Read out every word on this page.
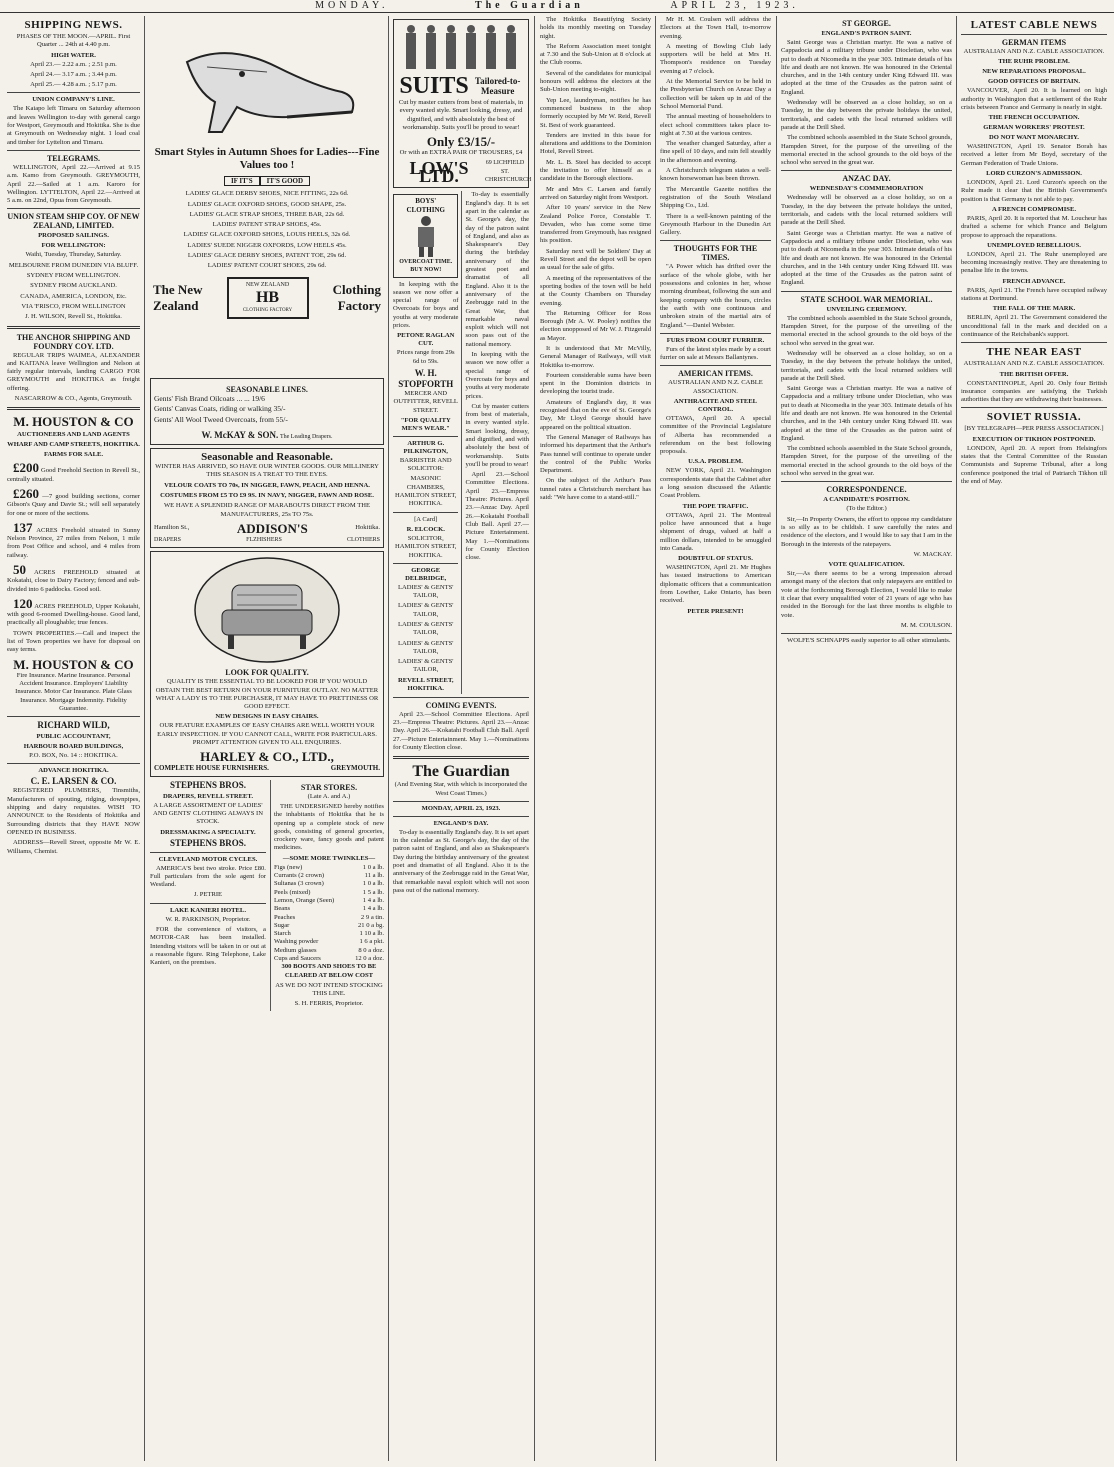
MONDAY.	The Guardian	APRIL 23, 1923.
SHIPPING NEWS.

PHASES OF THE MOON.—APRIL. First Quarter ... 24th at 4.40 p.m.

HIGH WATER.

April 23.— 2.22 a.m. ; 2.51 p.m.

April 24.— 3.17 a.m. ; 3.44 p.m.

April 25.— 4.28 a.m. ; 5.17 p.m.

UNION COMPANY'S LINE.

The Kaiapo left Timaru on Saturday afternoon and leaves Wellington to-day with general cargo for Westport, Greymouth and Hokitika. She is due at Greymouth on Wednesday night. 1 load coal and timber for Lyttelton and Timaru.

TELEGRAMS.

WELLINGTON, April 22.—Arrived at 9.15 a.m. Kamo from Greymouth. GREYMOUTH, April 22.—Sailed at 1 a.m. Karoro for Wellington. LYTTELTON, April 22.—Arrived at 5 a.m. on 22nd, Opua from Greymouth.

UNION STEAM SHIP COY. OF NEW ZEALAND, LIMITED.
PROPOSED SAILINGS.
FOR WELLINGTON:

Waihi, Tuesday, Thursday, Saturday.

MELBOURNE FROM DUNEDIN VIA BLUFF.

SYDNEY FROM WELLINGTON.

SYDNEY FROM AUCKLAND.

CANADA, AMERICA, LONDON, Etc.

VIA 'FRISCO, FROM WELLINGTON

J. H. WILSON, Revell St., Hokitika.

THE ANCHOR SHIPPING AND FOUNDRY COY. LTD.

REGULAR TRIPS WAIMEA, ALEXANDER and KAITANA leave Wellington and Nelson at fairly regular intervals, landing CARGO FOR GREYMOUTH and HOKITIKA as freight offering.

NASCARROW & CO., Agents, Greymouth.

M. HOUSTON & CO
AUCTIONEERS AND LAND AGENTS
WHARF AND CAMP STREETS, HOKITIKA.
FARMS FOR SALE.

£200 Good Freehold Section in Revell St., centrally situated.

£260 —7 good building sections, corner Gibson's Quay and Davie St.; will sell separately for one or more of the sections.

137 ACRES Freehold situated in Sunny Nelson Province, 27 miles from Nelson, 1 mile from Post Office and school, and 4 miles from railway.

50 ACRES FREEHOLD situated at Kokatahi, close to Dairy Factory; fenced and sub-divided into 6 paddocks. Good soil.

120 ACRES FREEHOLD, Upper Kokatahi, with good 6-roomed Dwelling-house. Good land, practically all ploughable; true fences.

TOWN PROPERTIES.—Call and inspect the list of Town properties we have for disposal on easy terms.

M. HOUSTON & CO

Fire Insurance. Marine Insurance. Personal Accident Insurance. Employers' Liability Insurance. Motor Car Insurance. Plate Glass Insurance. Mortgage Indemnity. Fidelity Guarantee.

RICHARD WILD,
PUBLIC ACCOUNTANT,
HARBOUR BOARD BUILDINGS,

P.O. BOX, No. 14 :: HOKITIKA.

ADVANCE HOKITIKA.
C. E. LARSEN & CO.

REGISTERED PLUMBERS, Tinsmiths, Manufacturers of spouting, ridging, downpipes, shipping and dairy requisites. WISH TO ANNOUNCE to the Residents of Hokitika and Surrounding districts that they HAVE NOW OPENED IN BUSINESS.

ADDRESS—Revell Street, opposite Mr W. E. Williams, Chemist.

Smart Styles in Autumn Shoes for Ladies---Fine Values too !
IF IT'S	IT'S GOOD

LADIES' GLACE DERBY SHOES, NICE FITTING, 22s 6d.

LADIES' GLACE OXFORD SHOES, GOOD SHAPE, 25s.

LADIES' GLACE STRAP SHOES, THREE BAR, 22s 6d.

LADIES' PATENT STRAP SHOES, 45s.

LADIES' GLACE OXFORD SHOES, LOUIS HEELS, 32s 6d.

LADIES' SUEDE NIGGER OXFORDS, LOW HEELS 45s.

LADIES' GLACE DERBY SHOES, PATENT TOE, 29s 6d.

LADIES' PATENT COURT SHOES, 29s 6d.

The New
Zealand
NEW ZEALAND
HB
CLOTHING FACTORY
Clothing
Factory
SEASONABLE LINES.

Gents' Fish Brand Oilcoats ... ... 19/6

Gents' Canvas Coats, riding or walking 35/-

Gents' All Wool Tweed Overcoats, from 55/-

W. McKAY & SON. The Leading Drapers.
Seasonable and Reasonable.

WINTER HAS ARRIVED, SO HAVE OUR WINTER GOODS. OUR MILLINERY THIS SEASON IS A TREAT TO THE EYES.

VELOUR COATS TO 70s, IN NIGGER, FAWN, PEACH, AND HENNA.

COSTUMES FROM £5 TO £9 9S. IN NAVY, NIGGER, FAWN AND ROSE.

WE HAVE A SPLENDID RANGE OF MARABOUTS DIRECT FROM THE MANUFACTURERS, 25s TO 75s.

Hamilton St.,	ADDISON'S	Hokitika.
DRAPERS	FLZHISHERS	CLOTHIERS
LOOK FOR QUALITY.

QUALITY IS THE ESSENTIAL TO BE LOOKED FOR IF YOU WOULD OBTAIN THE BEST RETURN ON YOUR FURNITURE OUTLAY. NO MATTER WHAT A LADY IS TO THE PURCHASER, IT MAY HAVE TO PRETTINESS OR GOOD EFFECT.

NEW DESIGNS IN EASY CHAIRS.

OUR FEATURE EXAMPLES OF EASY CHAIRS ARE WELL WORTH YOUR EARLY INSPECTION. IF YOU CANNOT CALL, WRITE FOR PARTICULARS. PROMPT ATTENTION GIVEN TO ALL ENQUIRIES.

HARLEY & CO., LTD.,
COMPLETE HOUSE FURNISHERS.	GREYMOUTH.
STEPHENS BROS.
DRAPERS, REVELL STREET.

A LARGE ASSORTMENT OF LADIES' AND GENTS' CLOTHING ALWAYS IN STOCK.

DRESSMAKING A SPECIALTY.
STEPHENS BROS.
CLEVELAND MOTOR CYCLES.

AMERICA'S best two stroke. Price £80. Full particulars from the sole agent for Westland.

J. PETRIE

LAKE KANIERI HOTEL.

W. R. PARKINSON, Proprietor.

FOR the convenience of visitors, a MOTOR-CAR has been installed. Intending visitors will be taken in or out at a reasonable figure. Ring Telephone, Lake Kanieri, on the premises.

STAR STORES.

(Late A. and A.)

THE UNDERSIGNED hereby notifies the inhabitants of Hokitika that he is opening up a complete stock of new goods, consisting of general groceries, crockery ware, fancy goods and patent medicines.

—SOME MORE TWINKLES—
Figs (new)	1 0 a lb.
Currants (2 crown)	11 a lb.
Sultanas (3 crown)	1 0 a lb.
Peels (mixed)	1 5 a lb.
Lemon, Orange (Seen)	1 4 a lb.
Beans	1 4 a lb.
Peaches	2 9 a tin.
Sugar	21 0 a bg.
Starch	1 10 a lb.
Washing powder	1 6 a pkt.
Medium glasses	8 0 a doz.
Cups and Saucers	12 0 a doz.

300 BOOTS AND SHOES TO BE CLEARED AT BELOW COST

AS WE DO NOT INTEND STOCKING THIS LINE.

S. H. FERRIS, Proprietor.

SUITS Tailored-to-Measure

Cut by master cutters from best of materials, in every wanted style. Smart looking, dressy, and dignified, and with absolutely the best of workmanship. Suits you'll be proud to wear!

Only £3/15/-

Or with an EXTRA PAIR OF TROUSERS, £4

LOW'S LTD.
69 LICHFIELD ST. CHRISTCHURCH
BOYS' CLOTHING
OVERCOAT TIME. BUY NOW!

In keeping with the season we now offer a special range of Overcoats for boys and youths at very moderate prices.

PETONE RAGLAN CUT.

Prices range from 29s 6d to 59s.

W. H. STOPFORTH

MERCER AND OUTFITTER, REVELL STREET.

"FOR QUALITY MEN'S WEAR."
ARTHUR G. PILKINGTON,

BARRISTER AND SOLICITOR:

MASONIC CHAMBERS, HAMILTON STREET, HOKITIKA.

[A Card]

R. ELCOCK.

SOLICITOR, HAMILTON STREET, HOKITIKA.

GEORGE DELBRIDGE,

LADIES' & GENTS' TAILOR,

LADIES' & GENTS' TAILOR,

LADIES' & GENTS' TAILOR,

LADIES' & GENTS' TAILOR,

LADIES' & GENTS' TAILOR,

REVELL STREET, HOKITIKA.

To-day is essentially England's day. It is set apart in the calendar as St. George's day, the day of the patron saint of England, and also as Shakespeare's Day during the birthday anniversary of the greatest poet and dramatist of all England. Also it is the anniversary of the Zeebrugge raid in the Great War, that remarkable naval exploit which will not soon pass out of the national memory.

In keeping with the season we now offer a special range of Overcoats for boys and youths at very moderate prices.

Cut by master cutters from best of materials, in every wanted style. Smart looking, dressy, and dignified, and with absolutely the best of workmanship. Suits you'll be proud to wear!

April 23.—School Committee Elections. April 23.—Empress Theatre: Pictures. April 23.—Anzac Day. April 26.—Kokatahi Football Club Ball. April 27.—Picture Entertainment. May 1.—Nominations for County Election close.

COMING EVENTS.

April 23.—School Committee Elections. April 23.—Empress Theatre: Pictures. April 23.—Anzac Day. April 26.—Kokatahi Football Club Ball. April 27.—Picture Entertainment. May 1.—Nominations for County Election close.

The Guardian

(And Evening Star, with which is incorporated the West Coast Times.)

MONDAY, APRIL 23, 1923.
ENGLAND'S DAY.

To-day is essentially England's day. It is set apart in the calendar as St. George's day, the day of the patron saint of England, and also as Shakespeare's Day during the birthday anniversary of the greatest poet and dramatist of all England. Also it is the anniversary of the Zeebrugge raid in the Great War, that remarkable naval exploit which will not soon pass out of the national memory.

The Hokitika Beautifying Society holds its monthly meeting on Tuesday night.

The Reform Association meet tonight at 7.30 and the Sub-Union at 8 o'clock at the Club rooms.

Several of the candidates for municipal honours will address the electors at the Sub-Union meeting to-night.

Yep Lee, laundryman, notifies he has commenced business in the shop formerly occupied by Mr W. Reid, Revell St. Best of work guaranteed.

Tenders are invited in this issue for alterations and additions to the Dominion Hotel, Revell Street.

Mr. L. B. Steel has decided to accept the invitation to offer himself as a candidate in the Borough elections.

Mr and Mrs C. Larsen and family arrived on Saturday night from Westport.

After 10 years' service in the New Zealand Police Force, Constable T. Devaden, who has come some time transferred from Greymouth, has resigned his position.

Saturday next will be Soldiers' Day at Revell Street and the depot will be open as usual for the sale of gifts.

A meeting of the representatives of the sporting bodies of the town will be held at the County Chambers on Thursday evening.

The Returning Officer for Ross Borough (Mr A. W. Pooley) notifies the election unopposed of Mr W. J. Fitzgerald as Mayor.

It is understood that Mr McVilly, General Manager of Railways, will visit Hokitika to-morrow.

Fourteen considerable sums have been spent in the Dominion districts in developing the tourist trade.

Amateurs of England's day, it was recognised that on the eve of St. George's Day, Mr Lloyd George should have appeared on the political situation.

The General Manager of Railways has informed his department that the Arthur's Pass tunnel will continue to operate under the control of the Public Works Department.

On the subject of the Arthur's Pass tunnel rates a Christchurch merchant has said: "We have come to a stand-still."

Mr H. M. Coulsen will address the Electors at the Town Hall, to-morrow evening.

A meeting of Bowling Club lady supporters will be held at Mrs H. Thompson's residence on Tuesday evening at 7 o'clock.

At the Memorial Service to be held in the Presbyterian Church on Anzac Day a collection will be taken up in aid of the School Memorial Fund.

The annual meeting of householders to elect school committees takes place to-night at 7.30 at the various centres.

The weather changed Saturday, after a fine spell of 10 days, and rain fell steadily in the afternoon and evening.

A Christchurch telegram states a well-known horsewoman has been thrown.

The Mercantile Gazette notifies the registration of the South Westland Shipping Co., Ltd.

There is a well-known painting of the Greymouth Harbour in the Dunedin Art Gallery.

THOUGHTS FOR THE TIMES.

"A Power which has drifted over the surface of the whole globe, with her possessions and colonies in her, whose morning drumbeat, following the sun and keeping company with the hours, circles the earth with one continuous and unbroken strain of the martial airs of England."—Daniel Webster.

FURS FROM COURT FURRIER.

Furs of the latest styles made by a court furrier on sale at Messrs Ballantynes.

AMERICAN ITEMS.

AUSTRALIAN AND N.Z. CABLE ASSOCIATION.

ANTHRACITE AND STEEL CONTROL.

OTTAWA, April 20. A special committee of the Provincial Legislature of Alberta has recommended a referendum on the best following proposals.

U.S.A. PROBLEM.

NEW YORK, April 21. Washington correspondents state that the Cabinet after a long session discussed the Atlantic Coast Problem.

THE POPE TRAFFIC.

OTTAWA, April 21. The Montreal police have announced that a huge shipment of drugs, valued at half a million dollars, intended to be smuggled into Canada.

DOUBTFUL OF STATUS.

WASHINGTON, April 21. Mr Hughes has issued instructions to American diplomatic officers that a communication from Lowther, Lake Ontario, has been received.

PETER PRESENT!
ST GEORGE.
ENGLAND'S PATRON SAINT.

Saint George was a Christian martyr. He was a native of Cappadocia and a military tribune under Diocletian, who was put to death at Nicomedia in the year 303. Intimate details of his life and death are not known. He was honoured in the Oriental churches, and in the 14th century under King Edward III. was adopted at the time of the Crusades as the patron saint of England.

Wednesday will be observed as a close holiday, so on a Tuesday, in the day between the private holidays the united, territorials, and cadets with the local returned soldiers will parade at the Drill Shed.

The combined schools assembled in the State School grounds, Hampden Street, for the purpose of the unveiling of the memorial erected in the school grounds to the old boys of the school who served in the great war.

ANZAC DAY.
WEDNESDAY'S COMMEMORATION

Wednesday will be observed as a close holiday, so on a Tuesday, in the day between the private holidays the united, territorials, and cadets with the local returned soldiers will parade at the Drill Shed.

Saint George was a Christian martyr. He was a native of Cappadocia and a military tribune under Diocletian, who was put to death at Nicomedia in the year 303. Intimate details of his life and death are not known. He was honoured in the Oriental churches, and in the 14th century under King Edward III. was adopted at the time of the Crusades as the patron saint of England.

STATE SCHOOL WAR MEMORIAL.
UNVEILING CEREMONY.

The combined schools assembled in the State School grounds, Hampden Street, for the purpose of the unveiling of the memorial erected in the school grounds to the old boys of the school who served in the great war.

Wednesday will be observed as a close holiday, so on a Tuesday, in the day between the private holidays the united, territorials, and cadets with the local returned soldiers will parade at the Drill Shed.

Saint George was a Christian martyr. He was a native of Cappadocia and a military tribune under Diocletian, who was put to death at Nicomedia in the year 303. Intimate details of his life and death are not known. He was honoured in the Oriental churches, and in the 14th century under King Edward III. was adopted at the time of the Crusades as the patron saint of England.

The combined schools assembled in the State School grounds, Hampden Street, for the purpose of the unveiling of the memorial erected in the school grounds to the old boys of the school who served in the great war.

CORRESPONDENCE.
A CANDIDATE'S POSITION.

(To the Editor.)

Sir,—In Property Owners, the effort to oppose my candidature is so silly as to be childish. I saw carefully the rates and residence of the electors, and I would like to say that I am in the Borough in the interests of the ratepayers.

W. MACKAY.

VOTE QUALIFICATION.

Sir,—As there seems to be a wrong impression abroad amongst many of the electors that only ratepayers are entitled to vote at the forthcoming Borough Election, I would like to make it clear that every unqualified voter of 21 years of age who has resided in the Borough for the last three months is eligible to vote.

M. M. COULSON.

WOLFE'S SCHNAPPS easily superior to all other stimulants.

LATEST CABLE NEWS
GERMAN ITEMS

AUSTRALIAN AND N.Z. CABLE ASSOCIATION.

THE RUHR PROBLEM.
NEW REPARATIONS PROPOSAL.
GOOD OFFICES OF BRITAIN.

VANCOUVER, April 20. It is learned on high authority in Washington that a settlement of the Ruhr crisis between France and Germany is nearly in sight.

THE FRENCH OCCUPATION.
GERMAN WORKERS' PROTEST.
DO NOT WANT MONARCHY.

WASHINGTON, April 19. Senator Borah has received a letter from Mr Boyd, secretary of the German Federation of Trade Unions.

LORD CURZON'S ADMISSION.

LONDON, April 21. Lord Curzon's speech on the Ruhr made it clear that the British Government's position is that Germany is not able to pay.

A FRENCH COMPROMISE.

PARIS, April 20. It is reported that M. Loucheur has drafted a scheme for which France and Belgium propose to approach the reparations.

UNEMPLOYED REBELLIOUS.

LONDON, April 21. The Ruhr unemployed are becoming increasingly restive. They are threatening to penalise life in the towns.

FRENCH ADVANCE.

PARIS, April 21. The French have occupied railway stations at Dortmund.

THE FALL OF THE MARK.

BERLIN, April 21. The Government considered the unconditional fall in the mark and decided on a continuance of the Reichsbank's support.

THE NEAR EAST

AUSTRALIAN AND N.Z. CABLE ASSOCIATION.

THE BRITISH OFFER.

CONSTANTINOPLE, April 20. Only four British insurance companies are satisfying the Turkish authorities that they are withdrawing their businesses.

SOVIET RUSSIA.

[BY TELEGRAPH—PER PRESS ASSOCIATION.]

EXECUTION OF TIKHON POSTPONED.

LONDON, April 20. A report from Helsingfors states that the Central Committee of the Russian Communists and Supreme Tribunal, after a long conference postponed the trial of Patriarch Tikhon till the end of May.
